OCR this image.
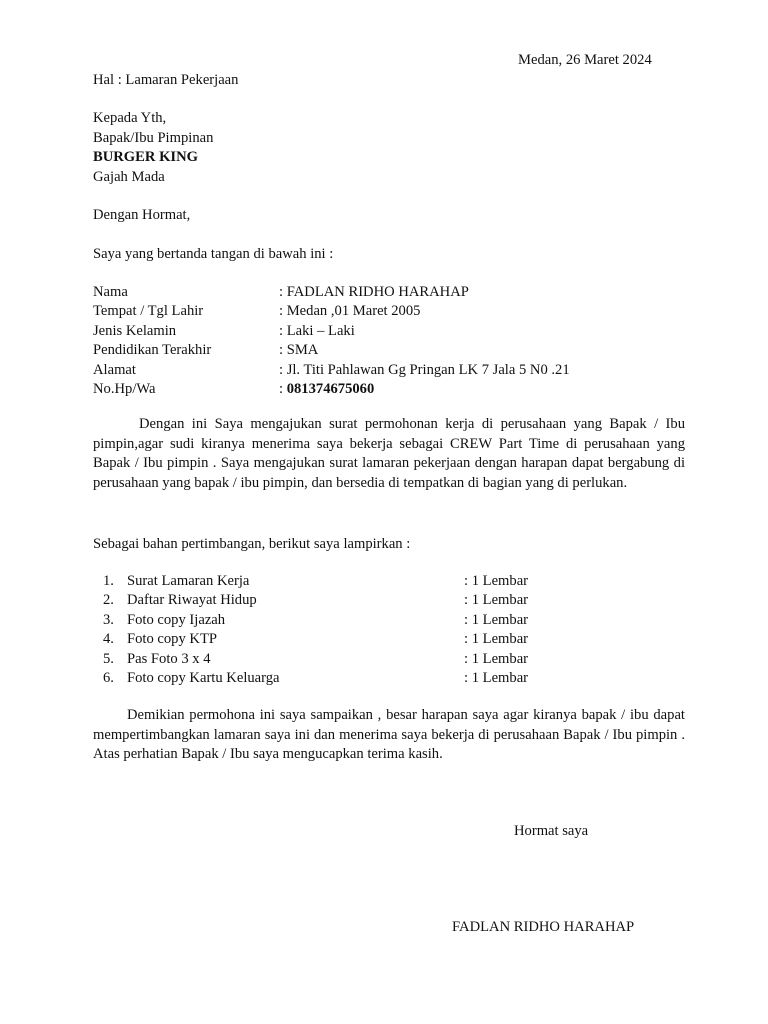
Medan, 26 Maret 2024
Hal : Lamaran Pekerjaan
Kepada Yth,
Bapak/Ibu Pimpinan
BURGER KING
Gajah Mada
Dengan Hormat,
Saya yang bertanda tangan di bawah ini :
Nama	: FADLAN RIDHO HARAHAP
Tempat / Tgl Lahir	: Medan ,01 Maret 2005
Jenis Kelamin	: Laki – Laki
Pendidikan Terakhir	: SMA
Alamat	: Jl. Titi Pahlawan Gg Pringan LK 7 Jala 5 N0 .21
No.Hp/Wa	: 081374675060
Dengan ini Saya mengajukan surat permohonan kerja di perusahaan yang Bapak / Ibu pimpin,agar sudi kiranya menerima saya bekerja sebagai CREW Part Time di perusahaan yang Bapak / Ibu pimpin . Saya mengajukan surat lamaran pekerjaan dengan harapan dapat bergabung di perusahaan yang bapak / ibu pimpin, dan bersedia di tempatkan di bagian yang di perlukan.
Sebagai bahan pertimbangan, berikut saya lampirkan :
1. Surat Lamaran Kerja	: 1 Lembar
2. Daftar Riwayat Hidup	: 1 Lembar
3. Foto copy Ijazah	: 1 Lembar
4. Foto copy KTP	: 1 Lembar
5. Pas Foto 3 x 4	: 1 Lembar
6. Foto copy Kartu Keluarga	: 1 Lembar
Demikian permohona ini saya sampaikan , besar harapan saya agar kiranya bapak / ibu dapat mempertimbangkan lamaran saya ini dan menerima saya bekerja di perusahaan Bapak / Ibu pimpin . Atas perhatian Bapak / Ibu saya mengucapkan terima kasih.
Hormat saya
FADLAN RIDHO HARAHAP
